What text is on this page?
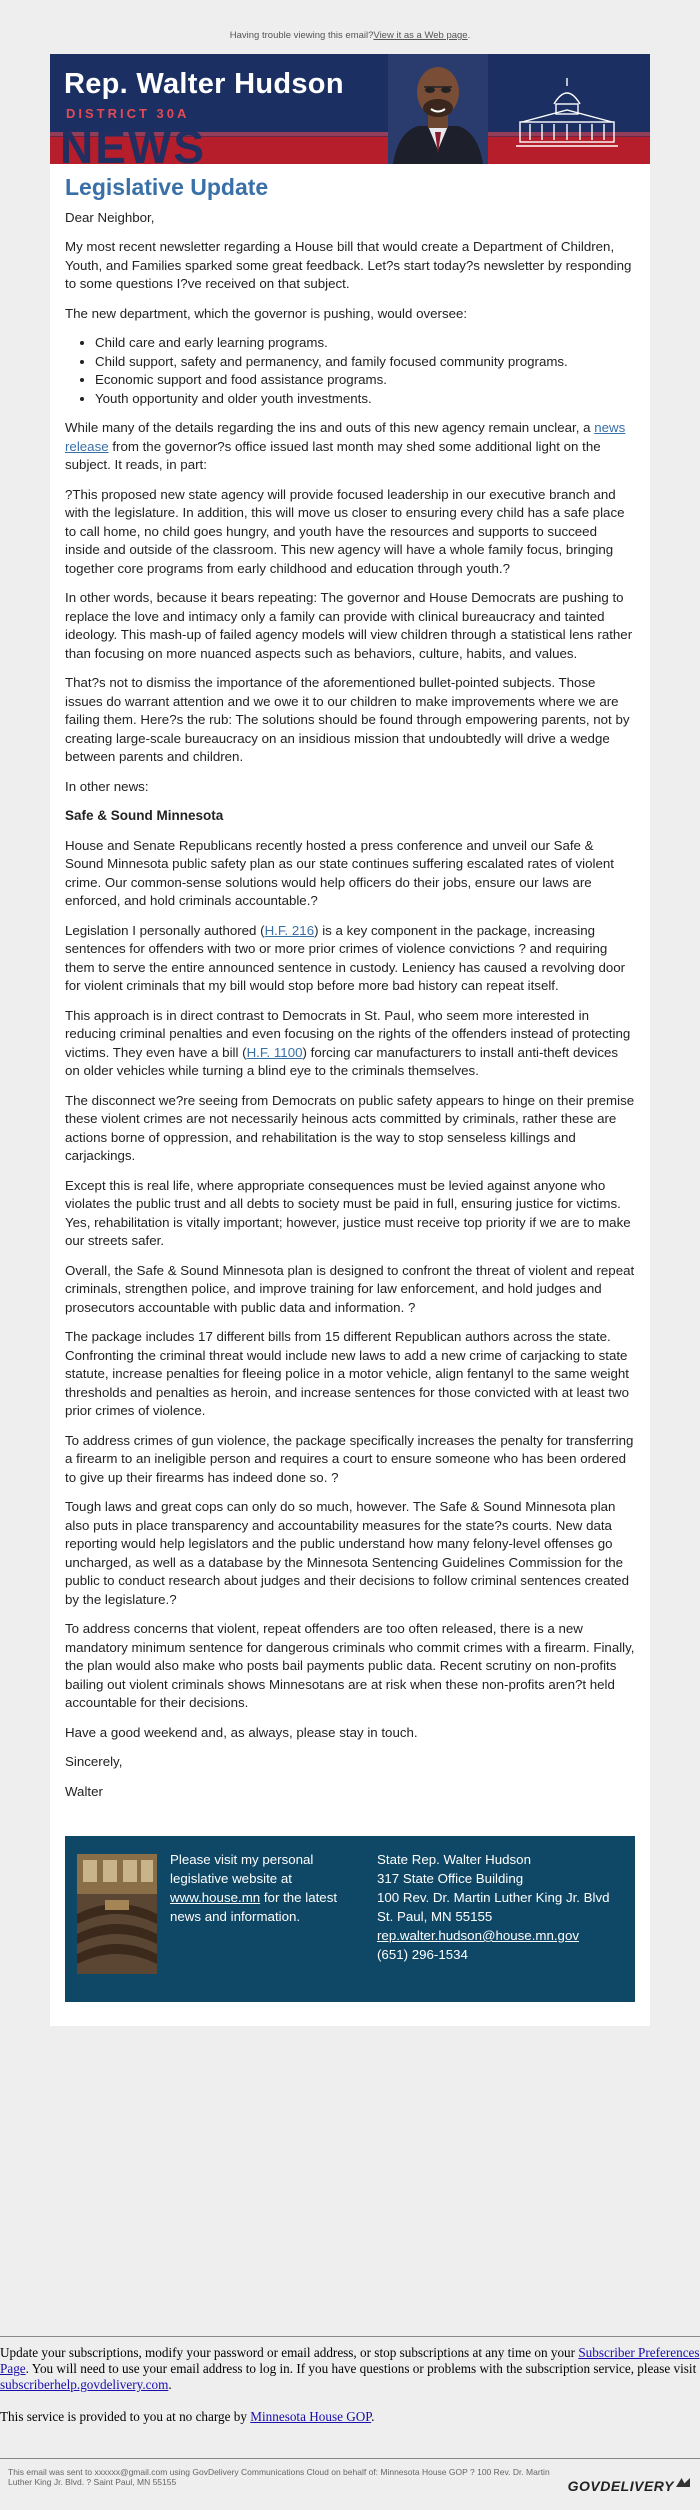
Having trouble viewing this email?View it as a Web page.
Rep. Walter Hudson
DISTRICT 30A
NEWS
Legislative Update

Dear Neighbor,

My most recent newsletter regarding a House bill that would create a Department of Children, Youth, and Families sparked some great feedback. Let?s start today?s newsletter by responding to some questions I?ve received on that subject.

The new department, which the governor is pushing, would oversee:

• Child care and early learning programs.
• Child support, safety and permanency, and family focused community programs.
• Economic support and food assistance programs.
• Youth opportunity and older youth investments.

While many of the details regarding the ins and outs of this new agency remain unclear, a news release from the governor?s office issued last month may shed some additional light on the subject. It reads, in part:

?This proposed new state agency will provide focused leadership in our executive branch and with the legislature. In addition, this will move us closer to ensuring every child has a safe place to call home, no child goes hungry, and youth have the resources and supports to succeed inside and outside of the classroom. This new agency will have a whole family focus, bringing together core programs from early childhood and education through youth.?

In other words, because it bears repeating: The governor and House Democrats are pushing to replace the love and intimacy only a family can provide with clinical bureaucracy and tainted ideology. This mash-up of failed agency models will view children through a statistical lens rather than focusing on more nuanced aspects such as behaviors, culture, habits, and values.

That?s not to dismiss the importance of the aforementioned bullet-pointed subjects. Those issues do warrant attention and we owe it to our children to make improvements where we are failing them. Here?s the rub: The solutions should be found through empowering parents, not by creating large-scale bureaucracy on an insidious mission that undoubtedly will drive a wedge between parents and children.

In other news:

Safe & Sound Minnesota

House and Senate Republicans recently hosted a press conference and unveil our Safe & Sound Minnesota public safety plan as our state continues suffering escalated rates of violent crime. Our common-sense solutions would help officers do their jobs, ensure our laws are enforced, and hold criminals accountable.?

Legislation I personally authored (H.F. 216) is a key component in the package, increasing sentences for offenders with two or more prior crimes of violence convictions ? and requiring them to serve the entire announced sentence in custody. Leniency has caused a revolving door for violent criminals that my bill would stop before more bad history can repeat itself.

This approach is in direct contrast to Democrats in St. Paul, who seem more interested in reducing criminal penalties and even focusing on the rights of the offenders instead of protecting victims. They even have a bill (H.F. 1100) forcing car manufacturers to install anti-theft devices on older vehicles while turning a blind eye to the criminals themselves.

The disconnect we?re seeing from Democrats on public safety appears to hinge on their premise these violent crimes are not necessarily heinous acts committed by criminals, rather these are actions borne of oppression, and rehabilitation is the way to stop senseless killings and carjackings.

Except this is real life, where appropriate consequences must be levied against anyone who violates the public trust and all debts to society must be paid in full, ensuring justice for victims. Yes, rehabilitation is vitally important; however, justice must receive top priority if we are to make our streets safer.

Overall, the Safe & Sound Minnesota plan is designed to confront the threat of violent and repeat criminals, strengthen police, and improve training for law enforcement, and hold judges and prosecutors accountable with public data and information. ?

The package includes 17 different bills from 15 different Republican authors across the state. Confronting the criminal threat would include new laws to add a new crime of carjacking to state statute, increase penalties for fleeing police in a motor vehicle, align fentanyl to the same weight thresholds and penalties as heroin, and increase sentences for those convicted with at least two prior crimes of violence.

To address crimes of gun violence, the package specifically increases the penalty for transferring a firearm to an ineligible person and requires a court to ensure someone who has been ordered to give up their firearms has indeed done so. ?

Tough laws and great cops can only do so much, however. The Safe & Sound Minnesota plan also puts in place transparency and accountability measures for the state?s courts. New data reporting would help legislators and the public understand how many felony-level offenses go uncharged, as well as a database by the Minnesota Sentencing Guidelines Commission for the public to conduct research about judges and their decisions to follow criminal sentences created by the legislature.?

To address concerns that violent, repeat offenders are too often released, there is a new mandatory minimum sentence for dangerous criminals who commit crimes with a firearm. Finally, the plan would also make who posts bail payments public data. Recent scrutiny on non-profits bailing out violent criminals shows Minnesotans are at risk when these non-profits aren?t held accountable for their decisions.

Have a good weekend and, as always, please stay in touch.

Sincerely,

Walter

Please visit my personal legislative website at www.house.mn for the latest news and information.
State Rep. Walter Hudson
317 State Office Building
100 Rev. Dr. Martin Luther King Jr. Blvd
St. Paul, MN 55155
rep.walter.hudson@house.mn.gov
(651) 296-1534

Update your subscriptions, modify your password or email address, or stop subscriptions at any time on your Subscriber Preferences Page. You will need to use your email address to log in. If you have questions or problems with the subscription service, please visit subscriberhelp.govdelivery.com.

This service is provided to you at no charge by Minnesota House GOP.

This email was sent to xxxxxx@gmail.com using GovDelivery Communications Cloud on behalf of: Minnesota House GOP ? 100 Rev. Dr. Martin Luther King Jr. Blvd. ? Saint Paul, MN 55155	GOVDELIVERY
